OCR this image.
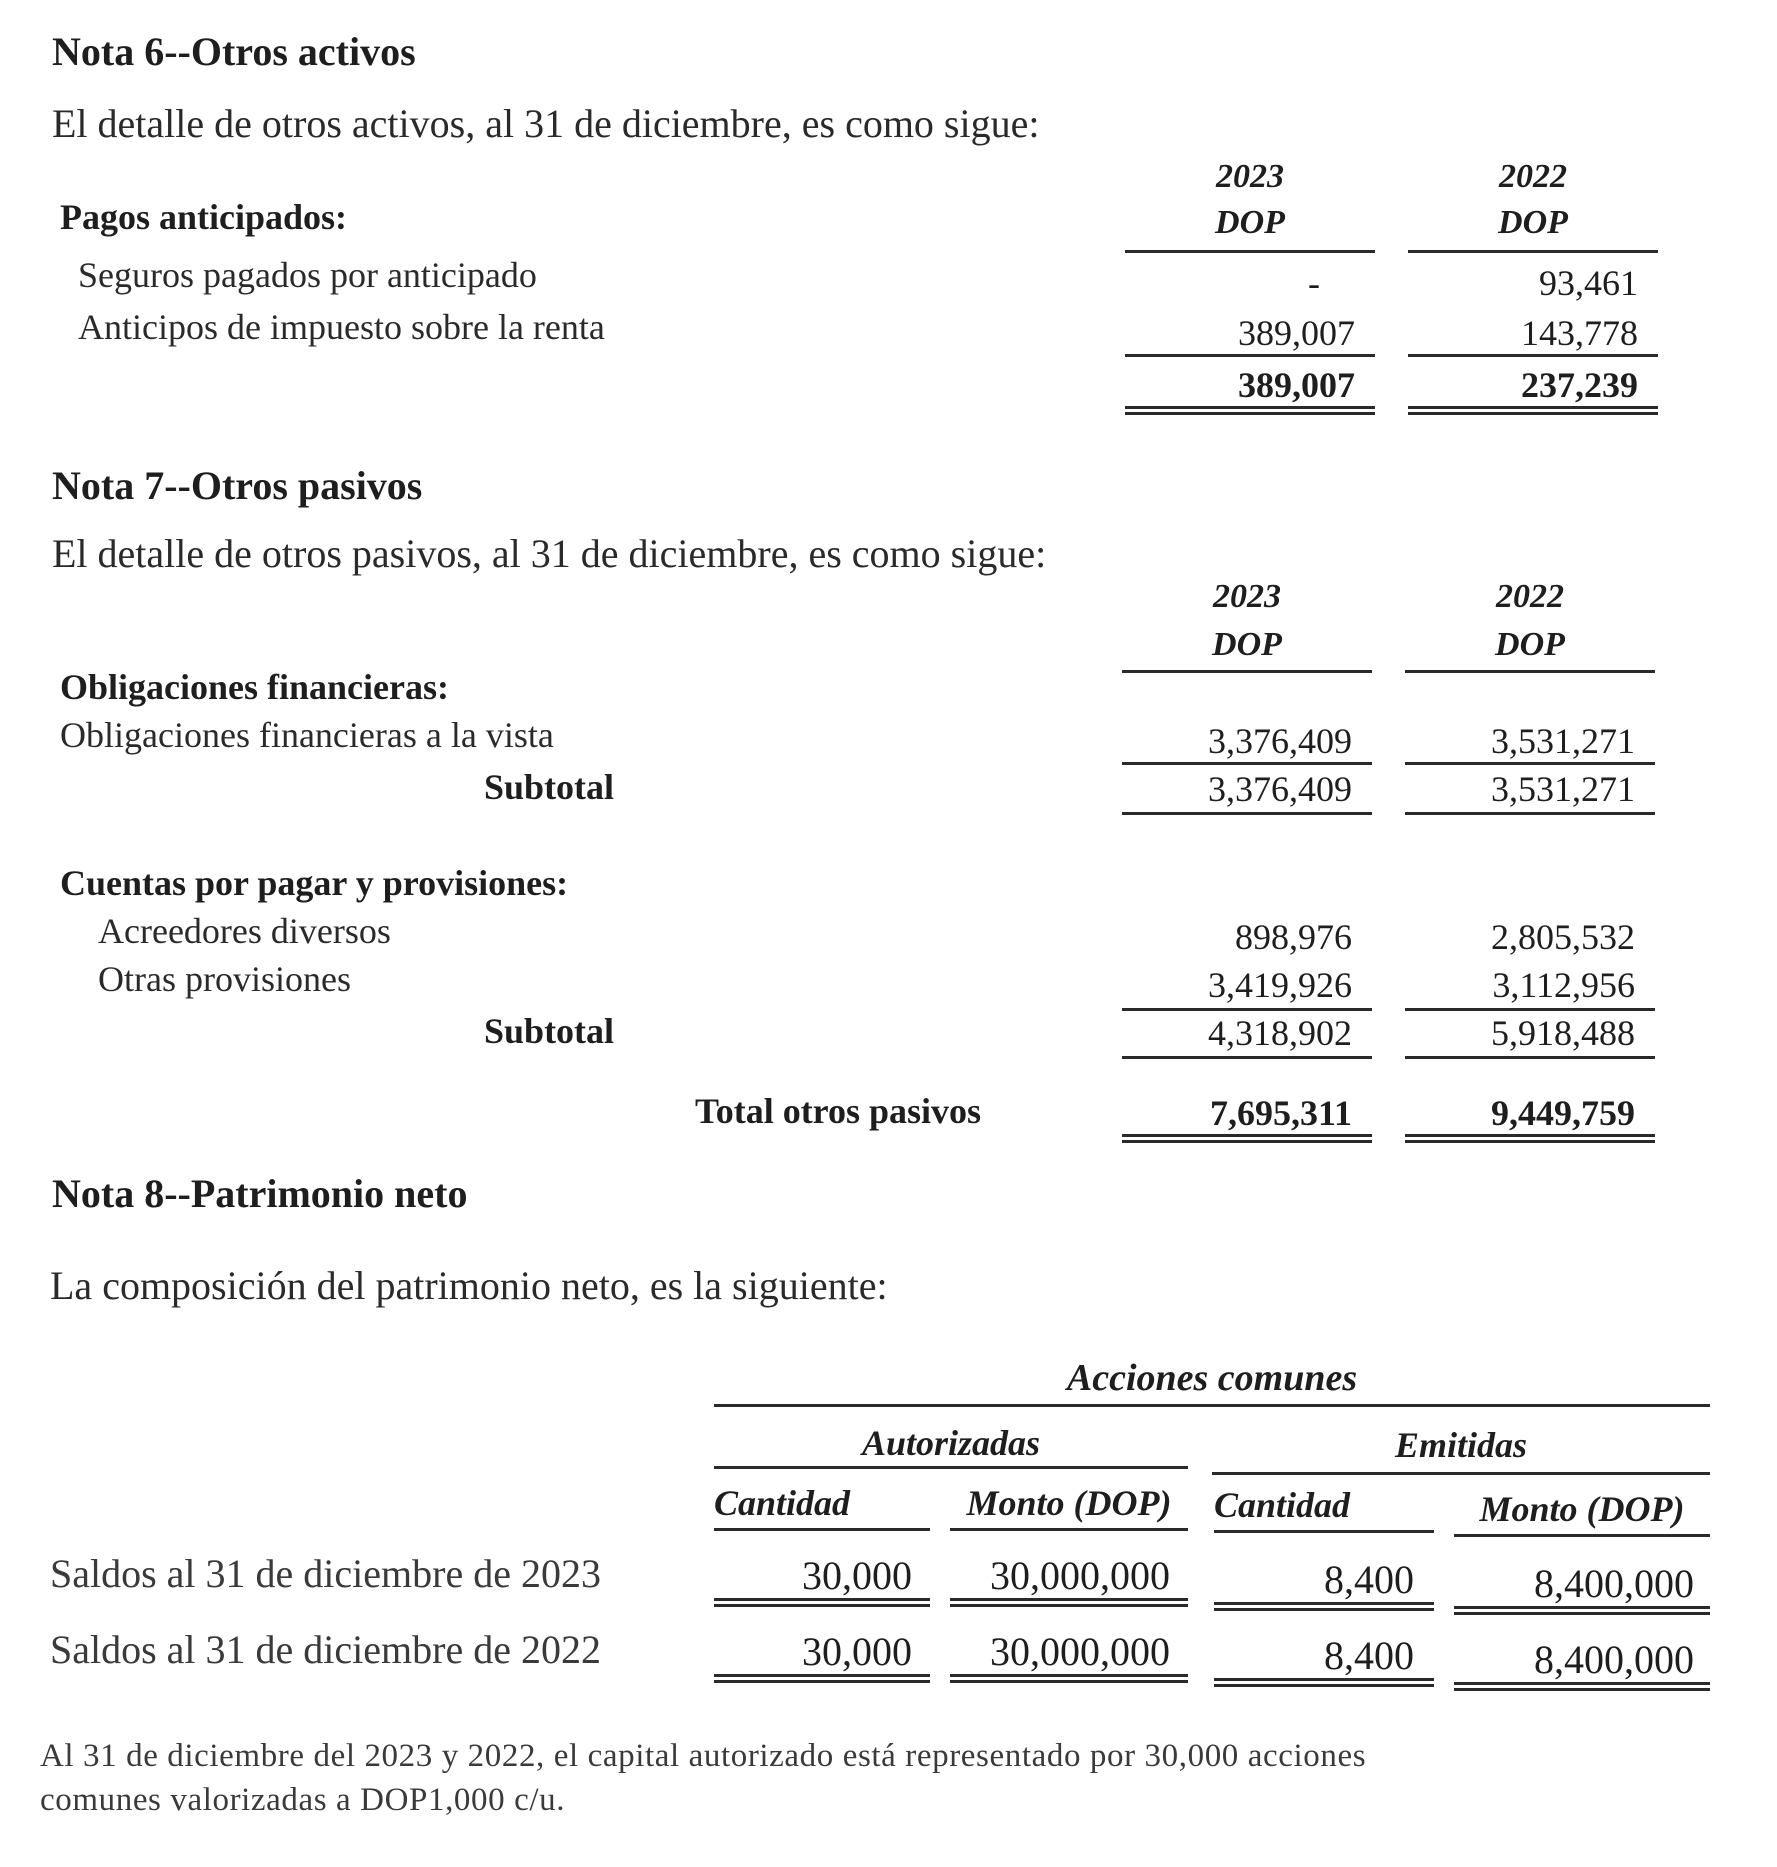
Nota 6--Otros activos
El detalle de otros activos, al 31 de diciembre, es como sigue:
2023	2022
DOP	DOP
Pagos anticipados:
Seguros pagados por anticipado	-	93,461
Anticipos de impuesto sobre la renta	389,007	143,778
389,007	237,239
Nota 7--Otros pasivos
El detalle de otros pasivos, al 31 de diciembre, es como sigue:
2023	2022
DOP	DOP
Obligaciones financieras:
Obligaciones financieras a la vista	3,376,409	3,531,271
Subtotal	3,376,409	3,531,271
Cuentas por pagar y provisiones:
Acreedores diversos	898,976	2,805,532
Otras provisiones	3,419,926	3,112,956
Subtotal	4,318,902	5,918,488
Total otros pasivos	7,695,311	9,449,759
Nota 8--Patrimonio neto
La composición del patrimonio neto, es la siguiente:
Acciones comunes
Autorizadas	Emitidas
Cantidad	Monto (DOP)	Cantidad	Monto (DOP)
Saldos al 31 de diciembre de 2023	30,000	30,000,000	8,400	8,400,000
Saldos al 31 de diciembre de 2022	30,000	30,000,000	8,400	8,400,000
Al 31 de diciembre del 2023 y 2022, el capital autorizado está representado por 30,000 acciones
comunes valorizadas a DOP1,000 c/u.
